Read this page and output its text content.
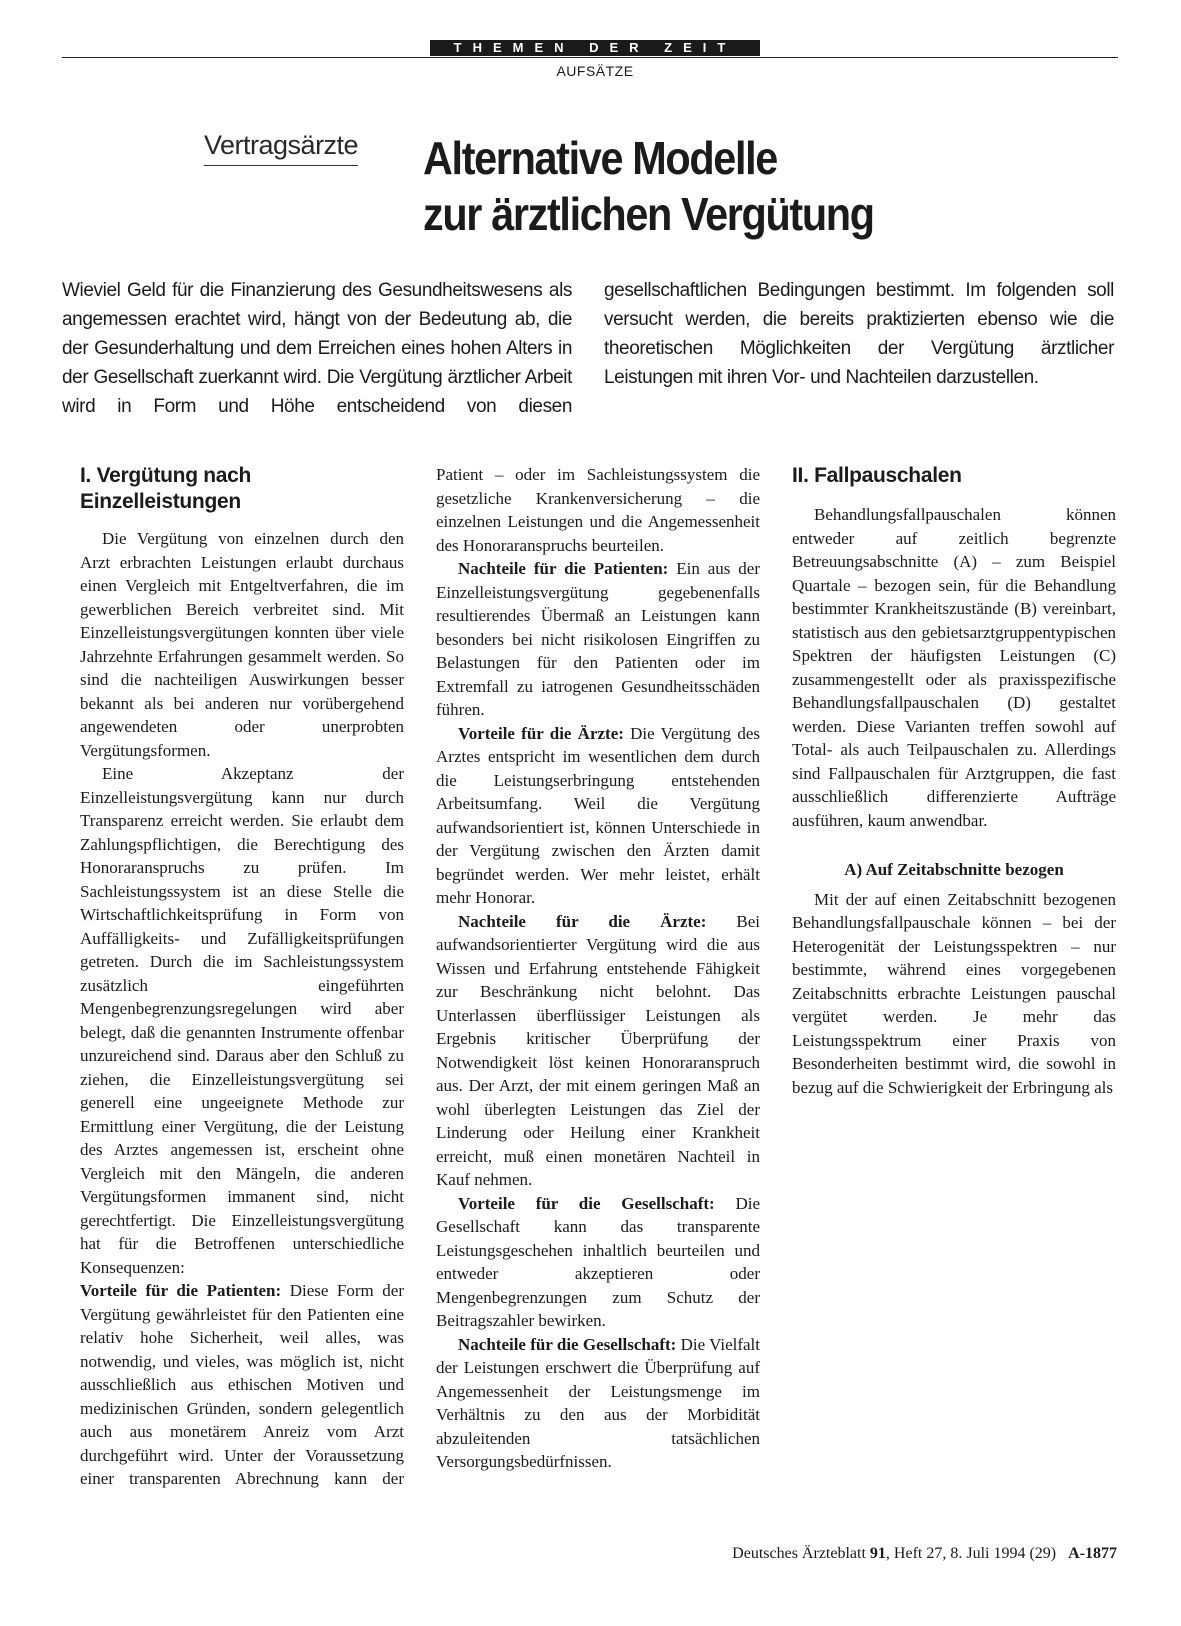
THEMEN DER ZEIT
AUFSÄTZE
Vertragsärzte Alternative Modelle
zur ärztlichen Vergütung

Wieviel Geld für die Finanzierung des Gesundheitswesens als angemessen erachtet wird, hängt von der Bedeutung ab, die der Gesunderhaltung und dem Erreichen eines hohen Alters in der Gesellschaft zuerkannt wird. Die Vergütung ärztlicher Arbeit wird in Form und Höhe entscheidend von diesen gesellschaftlichen Bedingungen bestimmt. Im folgenden soll versucht werden, die bereits praktizierten ebenso wie die theoretischen Möglichkeiten der Vergütung ärztlicher Leistungen mit ihren Vor- und Nachteilen darzustellen.

I. Vergütung nach Einzelleistungen

Die Vergütung von einzelnen durch den Arzt erbrachten Leistungen erlaubt durchaus einen Vergleich mit Entgeltverfahren, die im gewerblichen Bereich verbreitet sind. Mit Einzelleistungsvergütungen konnten über viele Jahrzehnte Erfahrungen gesammelt werden. So sind die nachteiligen Auswirkungen besser bekannt als bei anderen nur vorübergehend angewendeten oder unerprobten Vergütungsformen.

Eine Akzeptanz der Einzelleistungsvergütung kann nur durch Transparenz erreicht werden. Sie erlaubt dem Zahlungspflichtigen, die Berechtigung des Honoraranspruchs zu prüfen. Im Sachleistungssystem ist an diese Stelle die Wirtschaftlichkeitsprüfung in Form von Auffälligkeits- und Zufälligkeitsprüfungen getreten. Durch die im Sachleistungssystem zusätzlich eingeführten Mengenbegrenzungsregelungen wird aber belegt, daß die genannten Instrumente offenbar unzureichend sind. Daraus aber den Schluß zu ziehen, die Einzelleistungsvergütung sei generell eine ungeeignete Methode zur Ermittlung einer Vergütung, die der Leistung des Arztes angemessen ist, erscheint ohne Vergleich mit den Mängeln, die anderen Vergütungsformen immanent sind, nicht gerechtfertigt. Die Einzelleistungsvergütung hat für die Betroffenen unterschiedliche Konsequenzen:

Vorteile für die Patienten: Diese Form der Vergütung gewährleistet für den Patienten eine relativ hohe Sicherheit, weil alles, was notwendig, und vieles, was möglich ist, nicht ausschließlich aus ethischen Motiven und medizinischen Gründen, sondern gelegentlich auch aus monetärem Anreiz vom Arzt durchgeführt wird. Unter der Voraussetzung einer transparenten Abrechnung kann der Patient – oder im Sachleistungssystem die gesetzliche Krankenversicherung – die einzelnen Leistungen und die Angemessenheit des Honoraranspruchs beurteilen.

Nachteile für die Patienten: Ein aus der Einzelleistungsvergütung gegebenenfalls resultierendes Übermaß an Leistungen kann besonders bei nicht risikolosen Eingriffen zu Belastungen für den Patienten oder im Extremfall zu iatrogenen Gesundheitsschäden führen.

Vorteile für die Ärzte: Die Vergütung des Arztes entspricht im wesentlichen dem durch die Leistungserbringung entstehenden Arbeitsumfang. Weil die Vergütung aufwandsorientiert ist, können Unterschiede in der Vergütung zwischen den Ärzten damit begründet werden. Wer mehr leistet, erhält mehr Honorar.

Nachteile für die Ärzte: Bei aufwandsorientierter Vergütung wird die aus Wissen und Erfahrung entstehende Fähigkeit zur Beschränkung nicht belohnt. Das Unterlassen überflüssiger Leistungen als Ergebnis kritischer Überprüfung der Notwendigkeit löst keinen Honoraranspruch aus. Der Arzt, der mit einem geringen Maß an wohl überlegten Leistungen das Ziel der Linderung oder Heilung einer Krankheit erreicht, muß einen monetären Nachteil in Kauf nehmen.

Vorteile für die Gesellschaft: Die Gesellschaft kann das transparente Leistungsgeschehen inhaltlich beurteilen und entweder akzeptieren oder Mengenbegrenzungen zum Schutz der Beitragszahler bewirken.

Nachteile für die Gesellschaft: Die Vielfalt der Leistungen erschwert die Überprüfung auf Angemessenheit der Leistungsmenge im Verhältnis zu den aus der Morbidität abzuleitenden tatsächlichen Versorgungsbedürfnissen.

II. Fallpauschalen

Behandlungsfallpauschalen können entweder auf zeitlich begrenzte Betreuungsabschnitte (A) – zum Beispiel Quartale – bezogen sein, für die Behandlung bestimmter Krankheitszustände (B) vereinbart, statistisch aus den gebietsarztgruppentypischen Spektren der häufigsten Leistungen (C) zusammengestellt oder als praxisspezifische Behandlungsfallpauschalen (D) gestaltet werden. Diese Varianten treffen sowohl auf Total- als auch Teilpauschalen zu. Allerdings sind Fallpauschalen für Arztgruppen, die fast ausschließlich differenzierte Aufträge ausführen, kaum anwendbar.

A) Auf Zeitabschnitte bezogen

Mit der auf einen Zeitabschnitt bezogenen Behandlungsfallpauschale können – bei der Heterogenität der Leistungsspektren – nur bestimmte, während eines vorgegebenen Zeitabschnitts erbrachte Leistungen pauschal vergütet werden. Je mehr das Leistungsspektrum einer Praxis von Besonderheiten bestimmt wird, die sowohl in bezug auf die Schwierigkeit der Erbringung als

Deutsches Ärzteblatt 91, Heft 27, 8. Juli 1994 (29) A-1877
